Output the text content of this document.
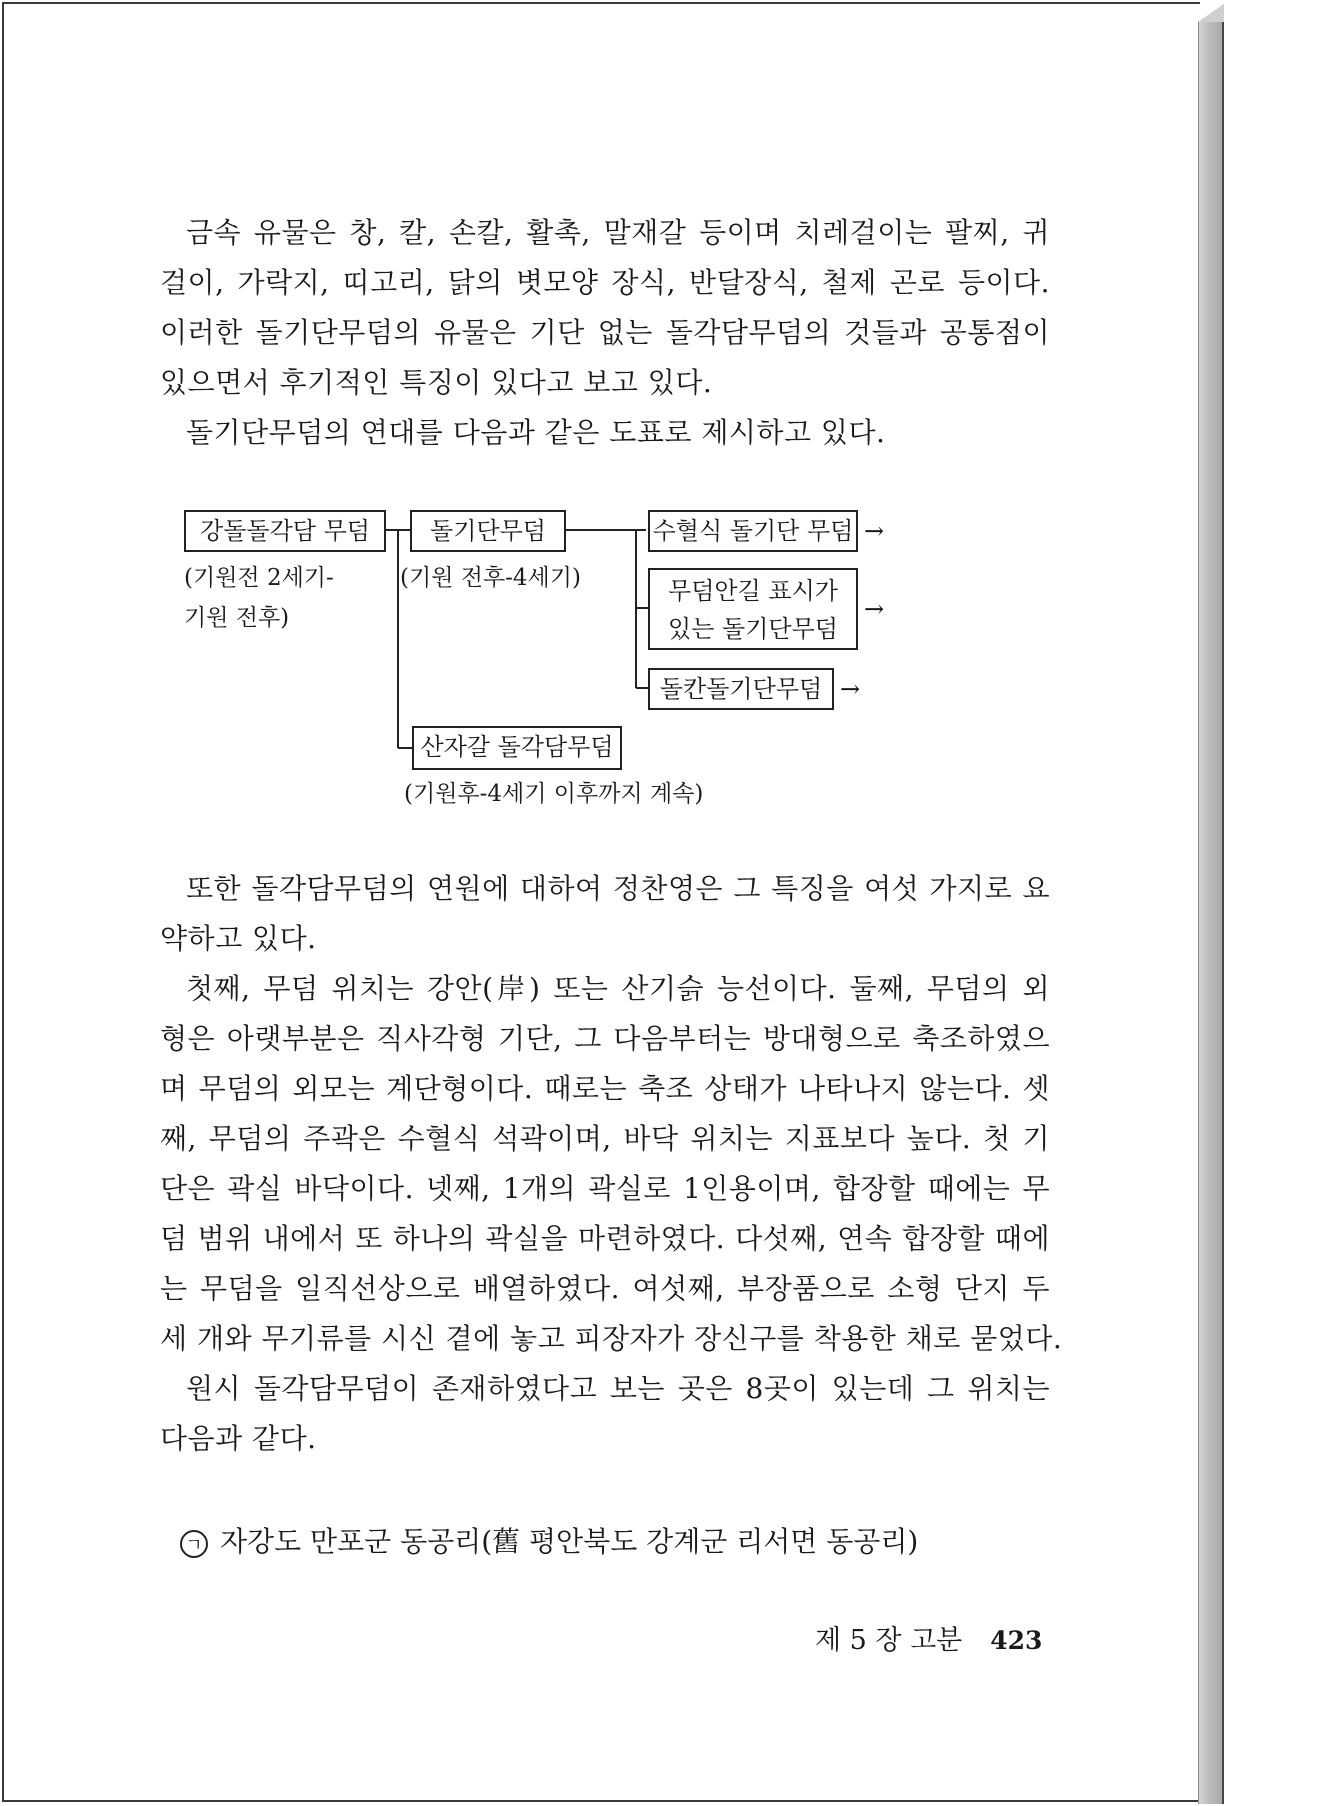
금속 유물은 창, 칼, 손칼, 활촉, 말재갈 등이며 치레걸이는 팔찌, 귀
걸이, 가락지, 띠고리, 닭의 볏모양 장식, 반달장식, 철제 곤로 등이다.
이러한 돌기단무덤의 유물은 기단 없는 돌각담무덤의 것들과 공통점이
있으면서 후기적인 특징이 있다고 보고 있다.
돌기단무덤의 연대를 다음과 같은 도표로 제시하고 있다.
강돌돌각담 무덤
(기원전 2세기-
기원 전후)
돌기단무덤
(기원 전후-4세기)
수혈식 돌기단 무덤 →
무덤안길 표시가
있는 돌기단무덤
→
돌칸돌기단무덤 →
산자갈 돌각담무덤
(기원후-4세기 이후까지 계속)
또한 돌각담무덤의 연원에 대하여 정찬영은 그 특징을 여섯 가지로 요
약하고 있다.
첫째, 무덤 위치는 강안(岸) 또는 산기슭 능선이다. 둘째, 무덤의 외
형은 아랫부분은 직사각형 기단, 그 다음부터는 방대형으로 축조하였으
며 무덤의 외모는 계단형이다. 때로는 축조 상태가 나타나지 않는다. 셋
째, 무덤의 주곽은 수혈식 석곽이며, 바닥 위치는 지표보다 높다. 첫 기
단은 곽실 바닥이다. 넷째, 1개의 곽실로 1인용이며, 합장할 때에는 무
덤 범위 내에서 또 하나의 곽실을 마련하였다. 다섯째, 연속 합장할 때에
는 무덤을 일직선상으로 배열하였다. 여섯째, 부장품으로 소형 단지 두
세 개와 무기류를 시신 곁에 놓고 피장자가 장신구를 착용한 채로 묻었다.
원시 돌각담무덤이 존재하였다고 보는 곳은 8곳이 있는데 그 위치는
다음과 같다.
ㄱ 자강도 만포군 동공리(舊 평안북도 강계군 리서면 동공리)
제 5 장 고분 423
